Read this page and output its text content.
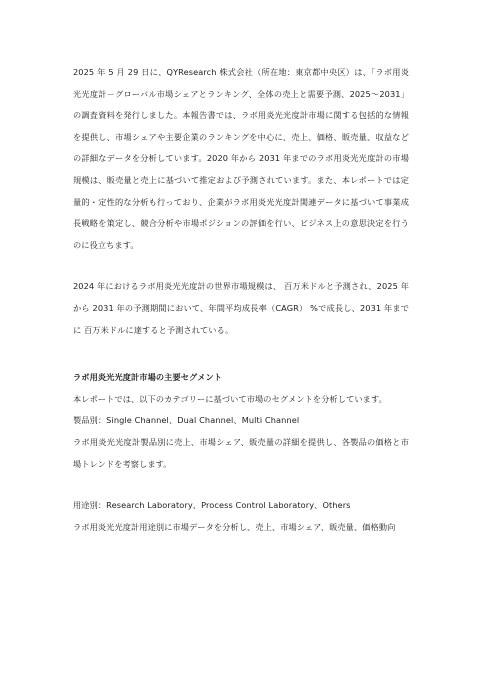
2025 年 5 月 29 日に、QYResearch 株式会社（所在地：東京都中央区）は、「ラボ用炎光光度計－グローバル市場シェアとランキング、全体の売上と需要予測、2025～2031」の調査資料を発行しました。本報告書では、ラボ用炎光光度計市場に関する包括的な情報を提供し、市場シェアや主要企業のランキングを中心に、売上、価格、販売量、収益などの詳細なデータを分析しています。2020 年から 2031 年までのラボ用炎光光度計の市場規模は、販売量と売上に基づいて推定および予測されています。また、本レポートでは定量的・定性的な分析も行っており、企業がラボ用炎光光度計関連データに基づいて事業成長戦略を策定し、競合分析や市場ポジションの評価を行い、ビジネス上の意思決定を行うのに役立ちます。

2024 年におけるラボ用炎光光度計の世界市場規模は、 百万米ドルと予測され、2025 年から 2031 年の予測期間において、年間平均成長率（CAGR） %で成長し、2031 年までに 百万米ドルに達すると予測されている。

ラボ用炎光光度計市場の主要セグメント

本レポートでは、以下のカテゴリーに基づいて市場のセグメントを分析しています。

製品別：Single Channel、Dual Channel、Multi Channel

ラボ用炎光光度計製品別に売上、市場シェア、販売量の詳細を提供し、各製品の価格と市場トレンドを考察します。

用途別：Research Laboratory、Process Control Laboratory、Others

ラボ用炎光光度計用途別に市場データを分析し、売上、市場シェア、販売量、価格動向
